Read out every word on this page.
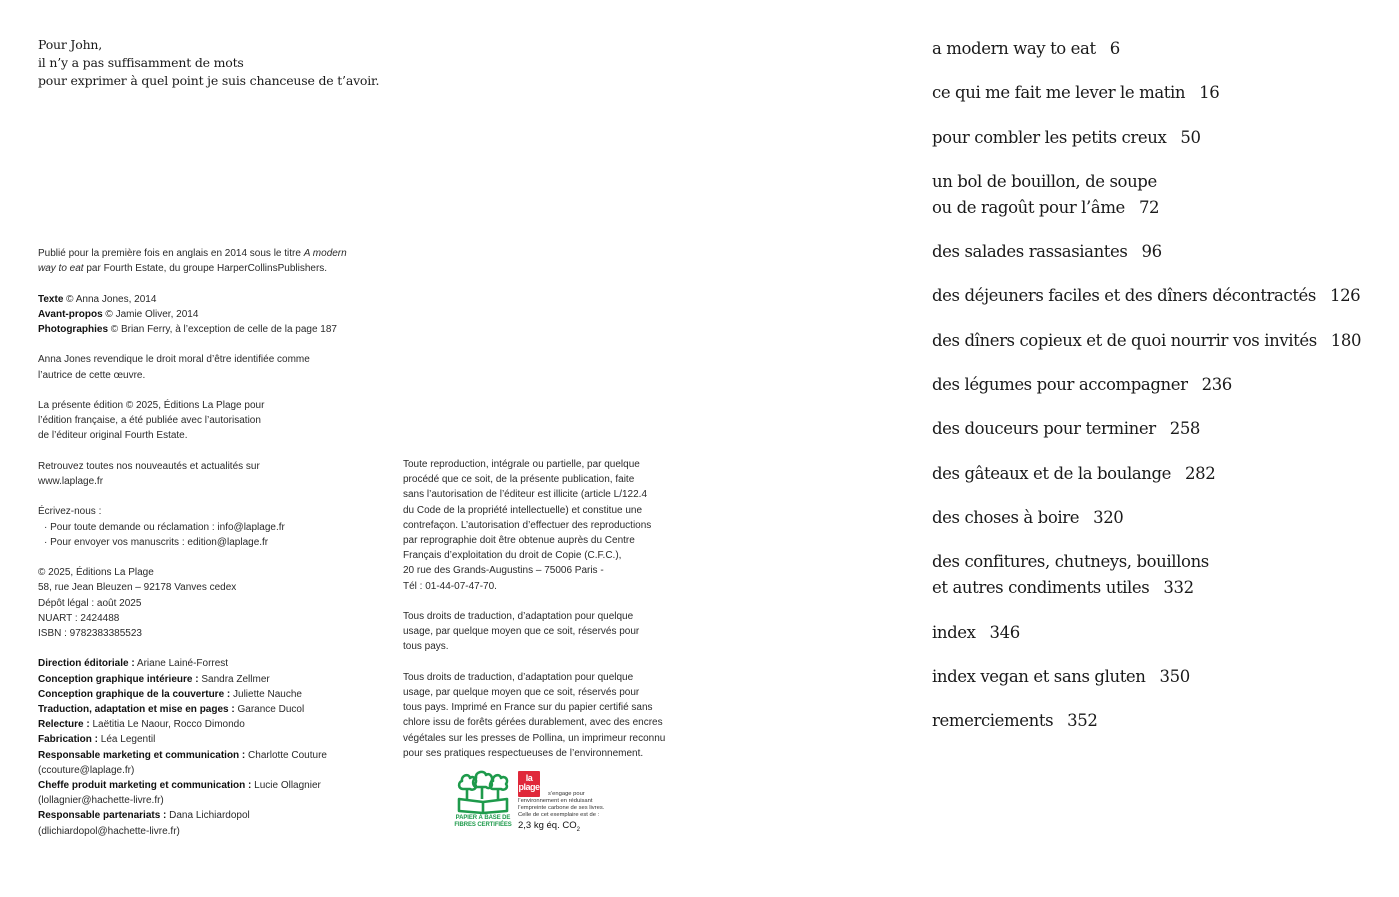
Pour John,
il n’y a pas suffisamment de mots
pour exprimer à quel point je suis chanceuse de t’avoir.

Publié pour la première fois en anglais en 2014 sous le titre A modern
way to eat par Fourth Estate, du groupe HarperCollinsPublishers.

Texte © Anna Jones, 2014
Avant-propos © Jamie Oliver, 2014
Photographies © Brian Ferry, à l’exception de celle de la page 187

Anna Jones revendique le droit moral d’être identifiée comme
l’autrice de cette œuvre.

La présente édition © 2025, Éditions La Plage pour
l’édition française, a été publiée avec l’autorisation
de l’éditeur original Fourth Estate.

Retrouvez toutes nos nouveautés et actualités sur
www.laplage.fr

Écrivez-nous :
· Pour toute demande ou réclamation : info@laplage.fr
· Pour envoyer vos manuscrits : edition@laplage.fr

© 2025, Éditions La Plage
58, rue Jean Bleuzen – 92178 Vanves cedex
Dépôt légal : août 2025
NUART : 2424488
ISBN : 9782383385523

Direction éditoriale : Ariane Lainé-Forrest
Conception graphique intérieure : Sandra Zellmer
Conception graphique de la couverture : Juliette Nauche
Traduction, adaptation et mise en pages : Garance Ducol
Relecture : Laëtitia Le Naour, Rocco Dimondo
Fabrication : Léa Legentil
Responsable marketing et communication : Charlotte Couture
(ccouture@laplage.fr)
Cheffe produit marketing et communication : Lucie Ollagnier
(lollagnier@hachette-livre.fr)
Responsable partenariats : Dana Lichiardopol
(dlichiardopol@hachette-livre.fr)

Toute reproduction, intégrale ou partielle, par quelque
procédé que ce soit, de la présente publication, faite
sans l’autorisation de l’éditeur est illicite (article L/122.4
du Code de la propriété intellectuelle) et constitue une
contrefaçon. L’autorisation d’effectuer des reproductions
par reprographie doit être obtenue auprès du Centre
Français d’exploitation du droit de Copie (C.F.C.),
20 rue des Grands-Augustins – 75006 Paris -
Tél : 01-44-07-47-70.

Tous droits de traduction, d’adaptation pour quelque
usage, par quelque moyen que ce soit, réservés pour
tous pays.

Tous droits de traduction, d’adaptation pour quelque
usage, par quelque moyen que ce soit, réservés pour
tous pays. Imprimé en France sur du papier certifié sans
chlore issu de forêts gérées durablement, avec des encres
végétales sur les presses de Pollina, un imprimeur reconnu
pour ses pratiques respectueuses de l’environnement.

PAPIER À BASE DE
FIBRES CERTIFIÉES
la
plage
s’engage pour
l’environnement en réduisant
l’empreinte carbone de ses livres.
Celle de cet exemplaire est de :
2,3 kg éq. $CO_2$
a modern way to eat 6
ce qui me fait me lever le matin 16
pour combler les petits creux 50
un bol de bouillon, de soupe
ou de ragoût pour l’âme 72
des salades rassasiantes 96
des déjeuners faciles et des dîners décontractés 126
des dîners copieux et de quoi nourrir vos invités 180
des légumes pour accompagner 236
des douceurs pour terminer 258
des gâteaux et de la boulange 282
des choses à boire 320
des confitures, chutneys, bouillons
et autres condiments utiles 332
index 346
index vegan et sans gluten 350
remerciements 352
